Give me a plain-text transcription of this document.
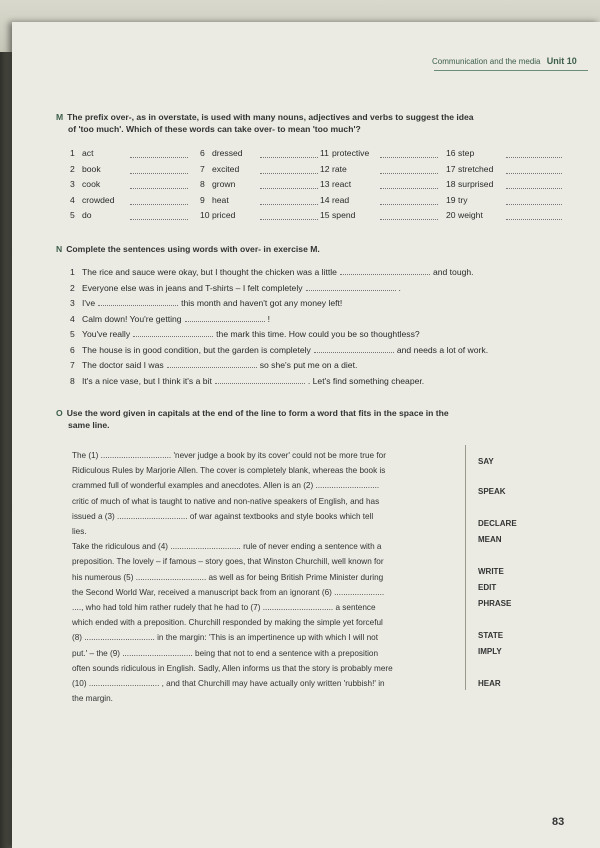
Communication and the media Unit 10
M The prefix over-, as in overstate, is used with many nouns, adjectives and verbs to suggest the idea
of 'too much'. Which of these words can take over- to mean 'too much'?
1 act	6 dressed	11 protective	16 step
2 book	7 excited	12 rate	17 stretched
3 cook	8 grown	13 react	18 surprised
4 crowded	9 heat	14 read	19 try
5 do	10 priced	15 spend	20 weight
N Complete the sentences using words with over- in exercise M.
1 The rice and sauce were okay, but I thought the chicken was a little	and tough.
2 Everyone else was in jeans and T-shirts – I felt completely	.
3 I've	this month and haven't got any money left!
4 Calm down! You're getting	!
5 You've really	the mark this time. How could you be so thoughtless?
6 The house is in good condition, but the garden is completely	and needs a lot of work.
7 The doctor said I was	so she's put me on a diet.
8 It's a nice vase, but I think it's a bit	. Let's find something cheaper.
O Use the word given in capitals at the end of the line to form a word that fits in the space in the
same line.

The (1) ............................... 'never judge a book by its cover' could not be more true for

Ridiculous Rules by Marjorie Allen. The cover is completely blank, whereas the book is

crammed full of wonderful examples and anecdotes. Allen is an (2) ............................

critic of much of what is taught to native and non-native speakers of English, and has

issued a (3) ............................... of war against textbooks and style books which tell

lies.

Take the ridiculous and (4) ............................... rule of never ending a sentence with a

preposition. The lovely – if famous – story goes, that Winston Churchill, well known for

his numerous (5) ............................... as well as for being British Prime Minister during

the Second World War, received a manuscript back from an ignorant (6) ......................

...., who had told him rather rudely that he had to (7) ............................... a sentence

which ended with a preposition. Churchill responded by making the simple yet forceful

(8) ............................... in the margin: 'This is an impertinence up with which I will not

put.' – the (9) ............................... being that not to end a sentence with a preposition

often sounds ridiculous in English. Sadly, Allen informs us that the story is probably mere

(10) ............................... , and that Churchill may have actually only written 'rubbish!' in

the margin.

SAY
SPEAK
DECLARE
MEAN
WRITE
EDIT
PHRASE
STATE
IMPLY
HEAR
83
